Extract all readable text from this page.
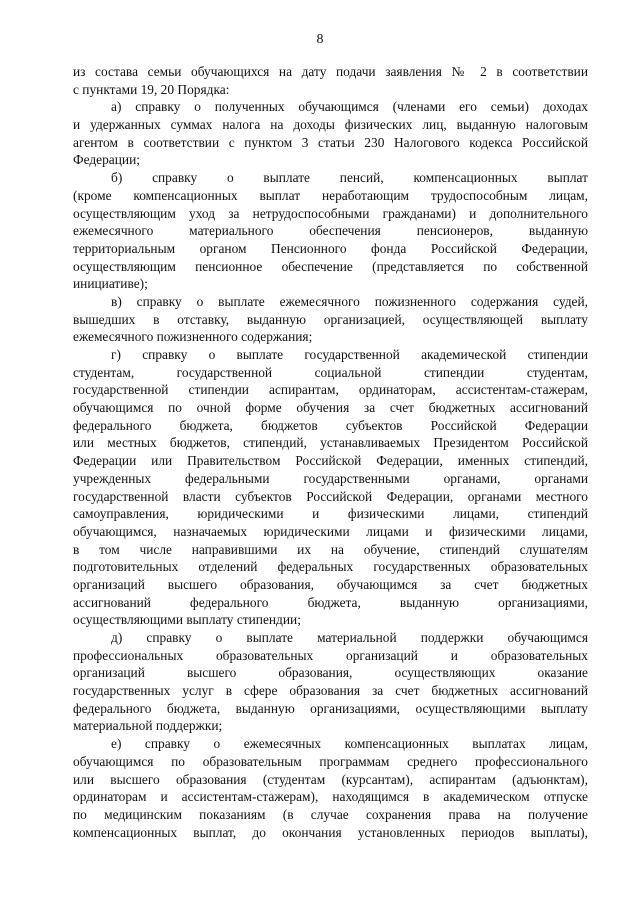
8
из состава семьи обучающихся на дату подачи заявления № 2 в соответствии
с пунктами 19, 20 Порядка:
а) справку о полученных обучающимся (членами его семьи) доходах
и удержанных суммах налога на доходы физических лиц, выданную налоговым
агентом в соответствии с пунктом 3 статьи 230 Налогового кодекса Российской
Федерации;
б) справку о выплате пенсий, компенсационных выплат
(кроме компенсационных выплат неработающим трудоспособным лицам,
осуществляющим уход за нетрудоспособными гражданами) и дополнительного
ежемесячного материального обеспечения пенсионеров, выданную
территориальным органом Пенсионного фонда Российской Федерации,
осуществляющим пенсионное обеспечение (представляется по собственной
инициативе);
в) справку о выплате ежемесячного пожизненного содержания судей,
вышедших в отставку, выданную организацией, осуществляющей выплату
ежемесячного пожизненного содержания;
г) справку о выплате государственной академической стипендии
студентам, государственной социальной стипендии студентам,
государственной стипендии аспирантам, ординаторам, ассистентам-стажерам,
обучающимся по очной форме обучения за счет бюджетных ассигнований
федерального бюджета, бюджетов субъектов Российской Федерации
или местных бюджетов, стипендий, устанавливаемых Президентом Российской
Федерации или Правительством Российской Федерации, именных стипендий,
учрежденных федеральными государственными органами, органами
государственной власти субъектов Российской Федерации, органами местного
самоуправления, юридическими и физическими лицами, стипендий
обучающимся, назначаемых юридическими лицами и физическими лицами,
в том числе направившими их на обучение, стипендий слушателям
подготовительных отделений федеральных государственных образовательных
организаций высшего образования, обучающимся за счет бюджетных
ассигнований федерального бюджета, выданную организациями,
осуществляющими выплату стипендии;
д) справку о выплате материальной поддержки обучающимся
профессиональных образовательных организаций и образовательных
организаций высшего образования, осуществляющих оказание
государственных услуг в сфере образования за счет бюджетных ассигнований
федерального бюджета, выданную организациями, осуществляющими выплату
материальной поддержки;
е) справку о ежемесячных компенсационных выплатах лицам,
обучающимся по образовательным программам среднего профессионального
или высшего образования (студентам (курсантам), аспирантам (адъюнктам),
ординаторам и ассистентам-стажерам), находящимся в академическом отпуске
по медицинским показаниям (в случае сохранения права на получение
компенсационных выплат, до окончания установленных периодов выплаты),
